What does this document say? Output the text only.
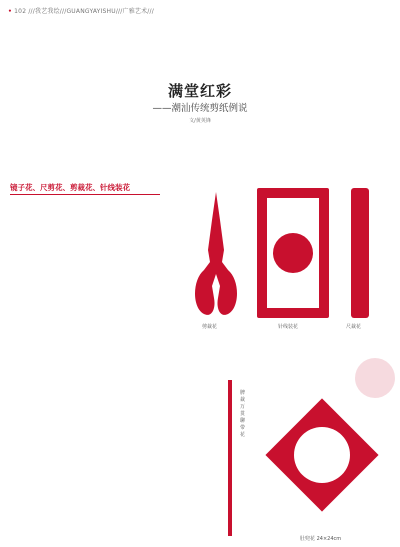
• 102 ///我艺我绘///GUANGYAYISHU///广雅艺术///
满堂红彩
——潮汕传统剪纸例说
文/黄英锋
镜子花、尺剪花、剪裁花、针线装花
剪裁花	针线装花	尺裁花
脾裁万贯聊带花
肚兜花 24×24cm
